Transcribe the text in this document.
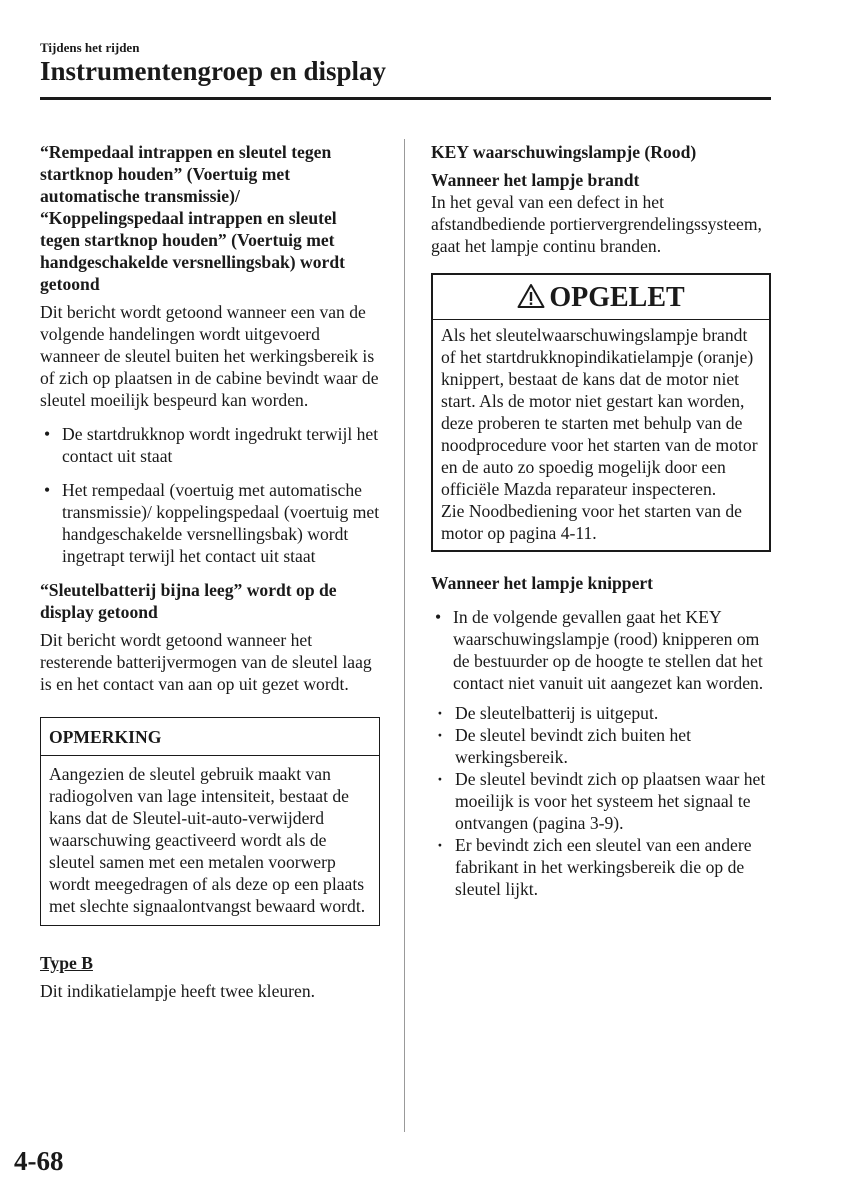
Tijdens het rijden
Instrumentengroep en display

“Rempedaal intrappen en sleutel tegen startknop houden” (Voertuig met automatische transmissie)/ “Koppelingspedaal intrappen en sleutel tegen startknop houden” (Voertuig met handgeschakelde versnellingsbak) wordt getoond

Dit bericht wordt getoond wanneer een van de volgende handelingen wordt uitgevoerd wanneer de sleutel buiten het werkingsbereik is of zich op plaatsen in de cabine bevindt waar de sleutel moeilijk bespeurd kan worden.

• De startdrukknop wordt ingedrukt terwijl het contact uit staat
• Het rempedaal (voertuig met automatische transmissie)/ koppelingspedaal (voertuig met handgeschakelde versnellingsbak) wordt ingetrapt terwijl het contact uit staat

“Sleutelbatterij bijna leeg” wordt op de display getoond

Dit bericht wordt getoond wanneer het resterende batterijvermogen van de sleutel laag is en het contact van aan op uit gezet wordt.

OPMERKING
Aangezien de sleutel gebruik maakt van radiogolven van lage intensiteit, bestaat de kans dat de Sleutel-uit-auto-verwijderd waarschuwing geactiveerd wordt als de sleutel samen met een metalen voorwerp wordt meegedragen of als deze op een plaats met slechte signaalontvangst bewaard wordt.

Type B

Dit indikatielampje heeft twee kleuren.

KEY waarschuwingslampje (Rood)

Wanneer het lampje brandt

In het geval van een defect in het afstandbediende portiervergrendelingssysteem, gaat het lampje continu branden.

OPGELET

Als het sleutelwaarschuwingslampje brandt of het startdrukknopindikatielampje (oranje) knippert, bestaat de kans dat de motor niet start. Als de motor niet gestart kan worden, deze proberen te starten met behulp van de noodprocedure voor het starten van de motor en de auto zo spoedig mogelijk door een officiële Mazda reparateur inspecteren.

Zie Noodbediening voor het starten van de motor op pagina 4-11.

Wanneer het lampje knippert

• In de volgende gevallen gaat het KEY waarschuwingslampje (rood) knipperen om de bestuurder op de hoogte te stellen dat het contact niet vanuit uit aangezet kan worden.
· De sleutelbatterij is uitgeput.
· De sleutel bevindt zich buiten het werkingsbereik.
· De sleutel bevindt zich op plaatsen waar het moeilijk is voor het systeem het signaal te ontvangen (pagina 3-9).
· Er bevindt zich een sleutel van een andere fabrikant in het werkingsbereik die op de sleutel lijkt.
4-68
